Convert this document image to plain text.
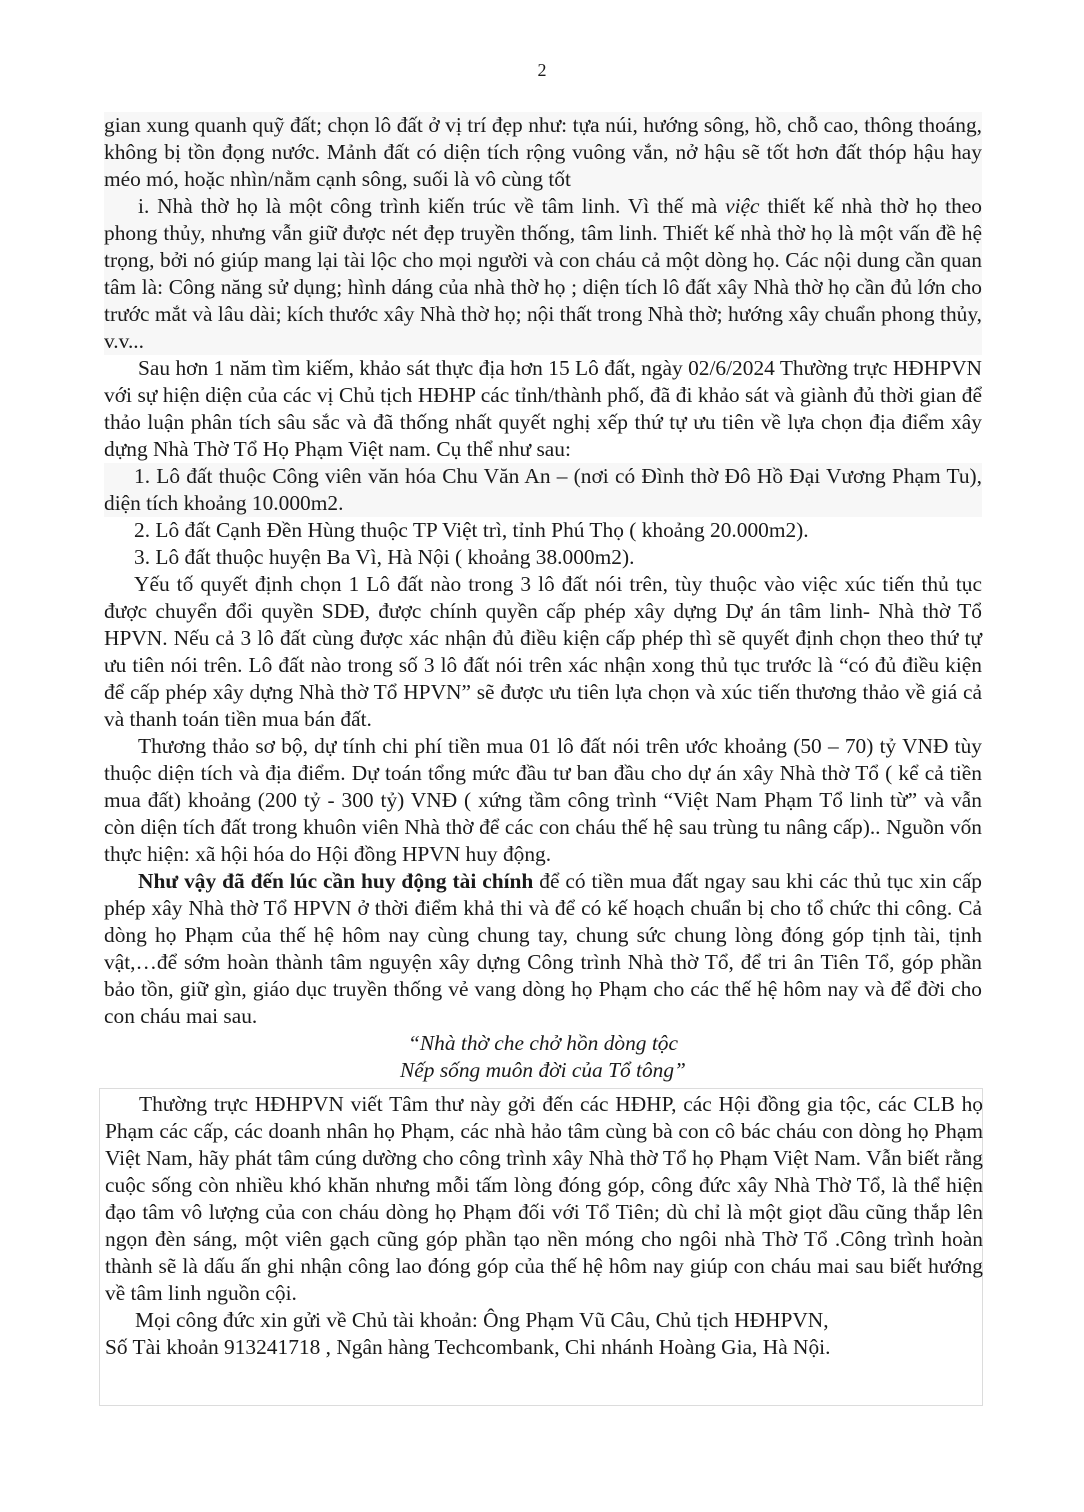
2

gian xung quanh quỹ đất; chọn lô đất ở vị trí đẹp như: tựa núi, hướng sông, hồ, chỗ cao, thông thoáng, không bị tồn đọng nước. Mảnh đất có diện tích rộng vuông vắn, nở hậu sẽ tốt hơn đất thóp hậu hay méo mó, hoặc nhìn/nằm cạnh sông, suối là vô cùng tốt

i. Nhà thờ họ là một công trình kiến trúc về tâm linh. Vì thế mà việc thiết kế nhà thờ họ theo phong thủy, nhưng vẫn giữ được nét đẹp truyền thống, tâm linh. Thiết kế nhà thờ họ là một vấn đề hệ trọng, bởi nó giúp mang lại tài lộc cho mọi người và con cháu cả một dòng họ. Các nội dung cần quan tâm là: Công năng sử dụng; hình dáng của nhà thờ họ ; diện tích lô đất xây Nhà thờ họ cần đủ lớn cho trước mắt và lâu dài; kích thước xây Nhà thờ họ; nội thất trong Nhà thờ; hướng xây chuẩn phong thủy, v.v...

Sau hơn 1 năm tìm kiếm, khảo sát thực địa hơn 15 Lô đất, ngày 02/6/2024 Thường trực HĐHPVN với sự hiện diện của các vị Chủ tịch HĐHP các tỉnh/thành phố, đã đi khảo sát và giành đủ thời gian để thảo luận phân tích sâu sắc và đã thống nhất quyết nghị xếp thứ tự ưu tiên về lựa chọn địa điểm xây dựng Nhà Thờ Tổ Họ Phạm Việt nam. Cụ thể như sau:

1. Lô đất thuộc Công viên văn hóa Chu Văn An – (nơi có Đình thờ Đô Hồ Đại Vương Phạm Tu), diện tích khoảng 10.000m2.

2. Lô đất Cạnh Đền Hùng thuộc TP Việt trì, tỉnh Phú Thọ ( khoảng 20.000m2).

3. Lô đất thuộc huyện Ba Vì, Hà Nội ( khoảng 38.000m2).

Yếu tố quyết định chọn 1 Lô đất nào trong 3 lô đất nói trên, tùy thuộc vào việc xúc tiến thủ tục được chuyển đổi quyền SDĐ, được chính quyền cấp phép xây dựng Dự án tâm linh- Nhà thờ Tổ HPVN. Nếu cả 3 lô đất cùng được xác nhận đủ điều kiện cấp phép thì sẽ quyết định chọn theo thứ tự ưu tiên nói trên. Lô đất nào trong số 3 lô đất nói trên xác nhận xong thủ tục trước là “có đủ điều kiện để cấp phép xây dựng Nhà thờ Tổ HPVN” sẽ được ưu tiên lựa chọn và xúc tiến thương thảo về giá cả và thanh toán tiền mua bán đất.

Thương thảo sơ bộ, dự tính chi phí tiền mua 01 lô đất nói trên ước khoảng (50 – 70) tỷ VNĐ tùy thuộc diện tích và địa điểm. Dự toán tổng mức đầu tư ban đầu cho dự án xây Nhà thờ Tổ ( kể cả tiền mua đất) khoảng (200 tỷ - 300 tỷ) VNĐ ( xứng tầm công trình “Việt Nam Phạm Tổ linh từ” và vẫn còn diện tích đất trong khuôn viên Nhà thờ để các con cháu thế hệ sau trùng tu nâng cấp).. Nguồn vốn thực hiện: xã hội hóa do Hội đồng HPVN huy động.

Như vậy đã đến lúc cần huy động tài chính để có tiền mua đất ngay sau khi các thủ tục xin cấp phép xây Nhà thờ Tổ HPVN ở thời điểm khả thi và để có kế hoạch chuẩn bị cho tổ chức thi công. Cả dòng họ Phạm của thế hệ hôm nay cùng chung tay, chung sức chung lòng đóng góp tịnh tài, tịnh vật,…để sớm hoàn thành tâm nguyện xây dựng Công trình Nhà thờ Tổ, để tri ân Tiên Tổ, góp phần bảo tồn, giữ gìn, giáo dục truyền thống vẻ vang dòng họ Phạm cho các thế hệ hôm nay và để đời cho con cháu mai sau.

“Nhà thờ che chở hồn dòng tộc

Nếp sống muôn đời của Tổ tông”

Thường trực HĐHPVN viết Tâm thư này gởi đến các HĐHP, các Hội đồng gia tộc, các CLB họ Phạm các cấp, các doanh nhân họ Phạm, các nhà hảo tâm cùng bà con cô bác cháu con dòng họ Phạm Việt Nam, hãy phát tâm cúng dường cho công trình xây Nhà thờ Tổ họ Phạm Việt Nam. Vẫn biết rằng cuộc sống còn nhiều khó khăn nhưng mỗi tấm lòng đóng góp, công đức xây Nhà Thờ Tổ, là thể hiện đạo tâm vô lượng của con cháu dòng họ Phạm đối với Tổ Tiên; dù chỉ là một giọt dầu cũng thắp lên ngọn đèn sáng, một viên gạch cũng góp phần tạo nền móng cho ngôi nhà Thờ Tổ .Công trình hoàn thành sẽ là dấu ấn ghi nhận công lao đóng góp của thế hệ hôm nay giúp con cháu mai sau biết hướng về tâm linh nguồn cội.

Mọi công đức xin gửi về Chủ tài khoản: Ông Phạm Vũ Câu, Chủ tịch HĐHPVN,

Số Tài khoản 913241718 , Ngân hàng Techcombank, Chi nhánh Hoàng Gia, Hà Nội.
